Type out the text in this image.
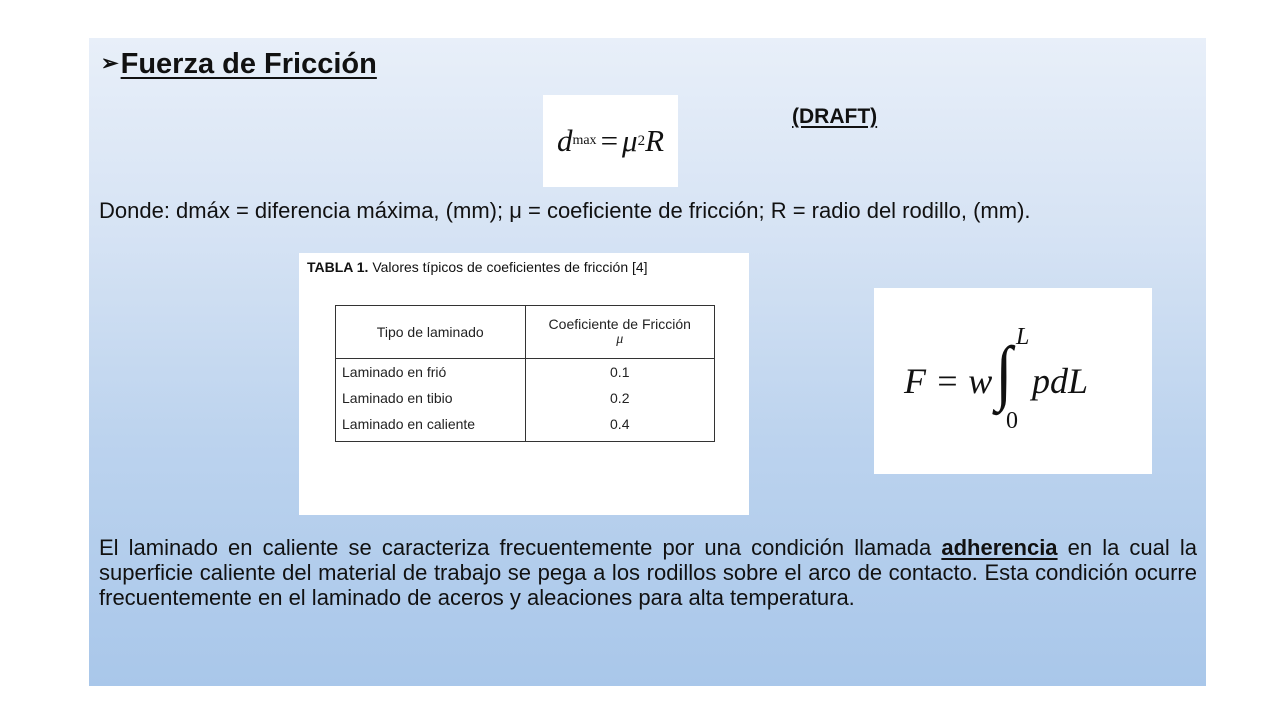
➢ Fuerza de Fricción
d max = μ 2 R
(DRAFT)
Donde: dmáx = diferencia máxima, (mm); μ = coeficiente de fricción; R = radio del rodillo, (mm).
TABLA 1. Valores típicos de coeficientes de fricción [4]
Tipo de laminado	Coeficiente de Fricción
μ

Laminado en frió	0.1
Laminado en tibio	0.2
Laminado en caliente	0.4
F = w ∫ L
0
pdL
El laminado en caliente se caracteriza frecuentemente por una condición llamada adherencia en la cual la superficie caliente del material de trabajo se pega a los rodillos sobre el arco de contacto. Esta condición ocurre frecuentemente en el laminado de aceros y aleaciones para alta temperatura.
